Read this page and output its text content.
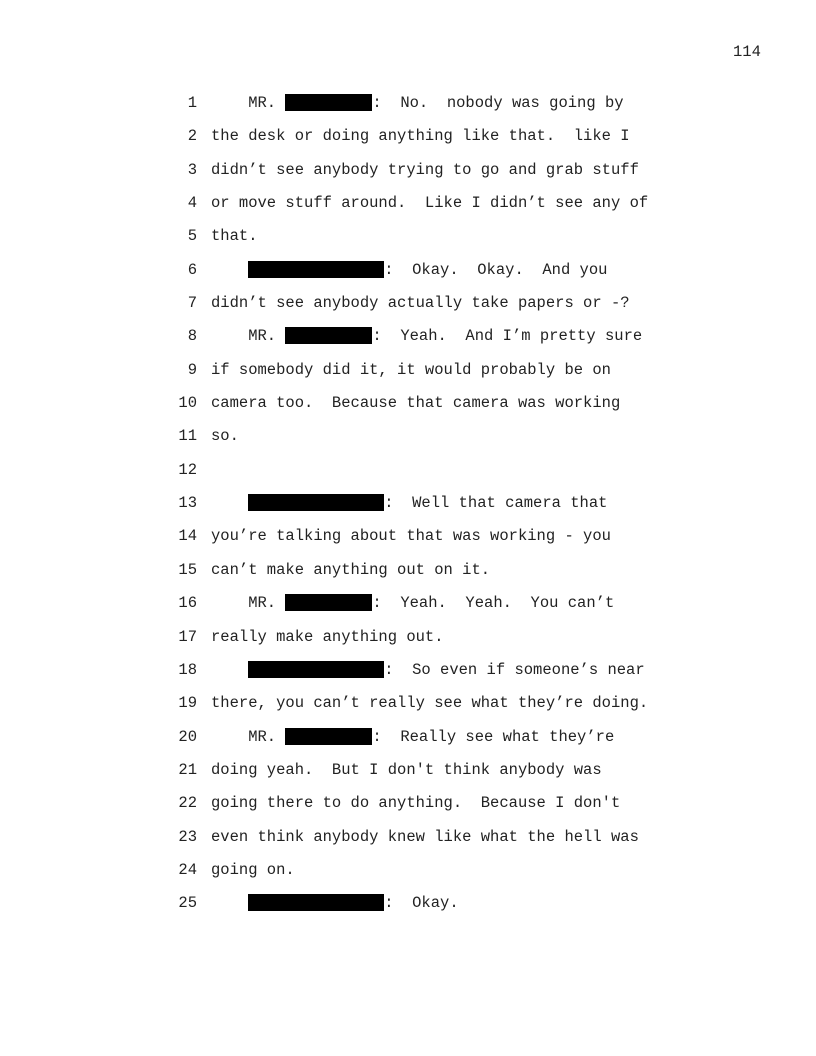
114
1 MR.	:  No.  nobody was going by
2 the desk or doing anything like that.  like I
3 didn’t see anybody trying to go and grab stuff
4 or move stuff around.  Like I didn’t see any of
5 that.
6	:  Okay.  Okay.  And you
7 didn’t see anybody actually take papers or -?
8 MR.	:  Yeah.  And I’m pretty sure
9 if somebody did it, it would probably be on
10 camera too.  Because that camera was working
11 so.
12
13	:  Well that camera that
14 you’re talking about that was working - you
15 can’t make anything out on it.
16 MR.	:  Yeah.  Yeah.  You can’t
17 really make anything out.
18	:  So even if someone’s near
19 there, you can’t really see what they’re doing.
20 MR.	:  Really see what they’re
21 doing yeah.  But I don't think anybody was
22 going there to do anything.  Because I don't
23 even think anybody knew like what the hell was
24 going on.
25	:  Okay.
